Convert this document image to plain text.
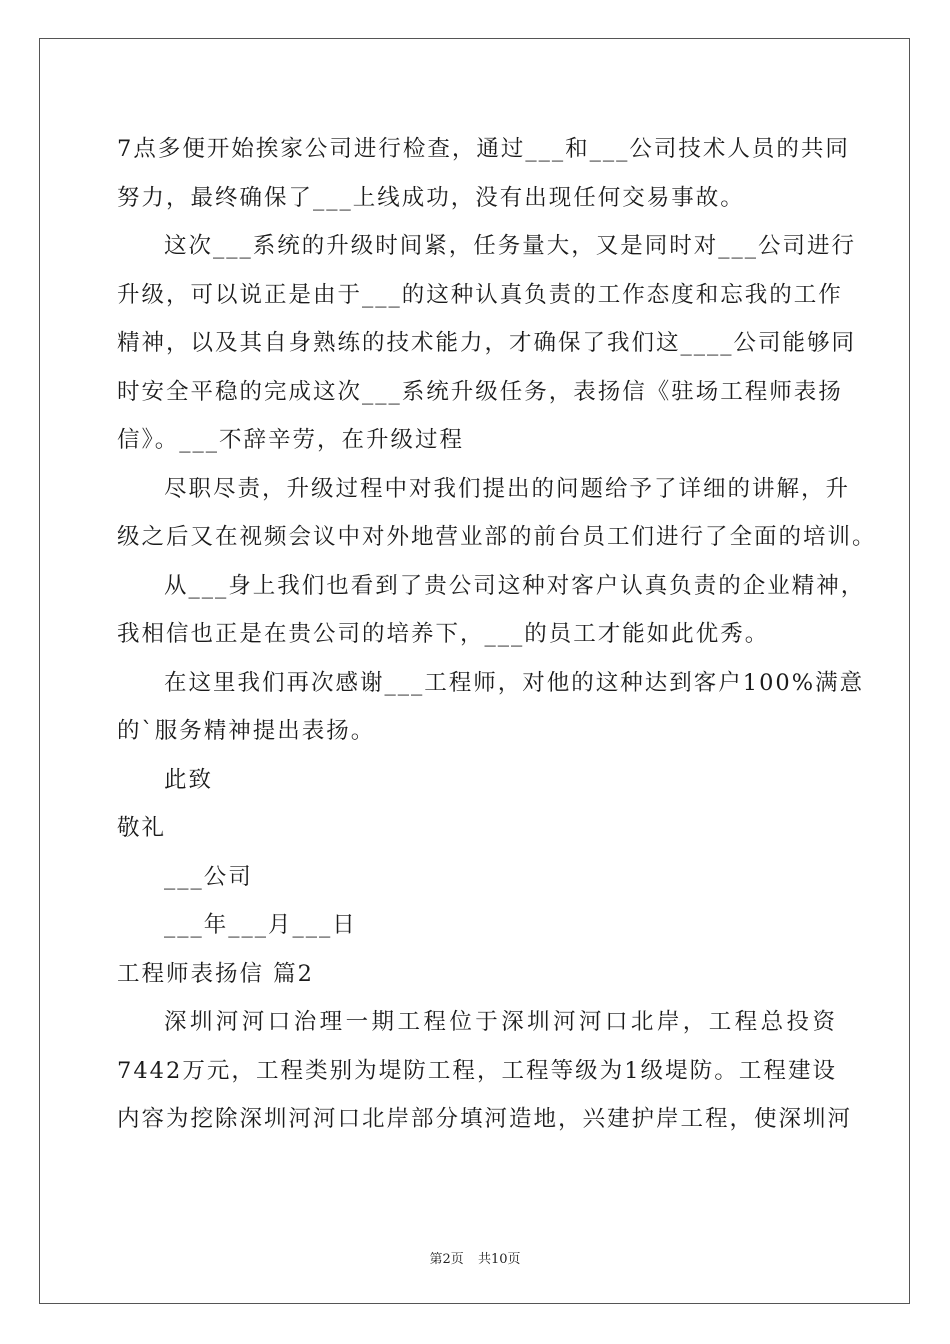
7点多便开始挨家公司进行检查，通过___和___公司技术人员的共同
努力，最终确保了___上线成功，没有出现任何交易事故。
这次___系统的升级时间紧，任务量大，又是同时对___公司进行
升级，可以说正是由于___的这种认真负责的工作态度和忘我的工作
精神，以及其自身熟练的技术能力，才确保了我们这____公司能够同
时安全平稳的完成这次___系统升级任务，表扬信《驻场工程师表扬
信》。___不辞辛劳，在升级过程
尽职尽责，升级过程中对我们提出的问题给予了详细的讲解，升
级之后又在视频会议中对外地营业部的前台员工们进行了全面的培训。
从___身上我们也看到了贵公司这种对客户认真负责的企业精神，
我相信也正是在贵公司的培养下，___的员工才能如此优秀。
在这里我们再次感谢___工程师，对他的这种达到客户100%满意
的`服务精神提出表扬。
此致
敬礼
___公司
___年___月___日
工程师表扬信 篇2
深圳河河口治理一期工程位于深圳河河口北岸，工程总投资
7442万元，工程类别为堤防工程，工程等级为1级堤防。工程建设
内容为挖除深圳河河口北岸部分填河造地，兴建护岸工程，使深圳河
第2页 共10页
